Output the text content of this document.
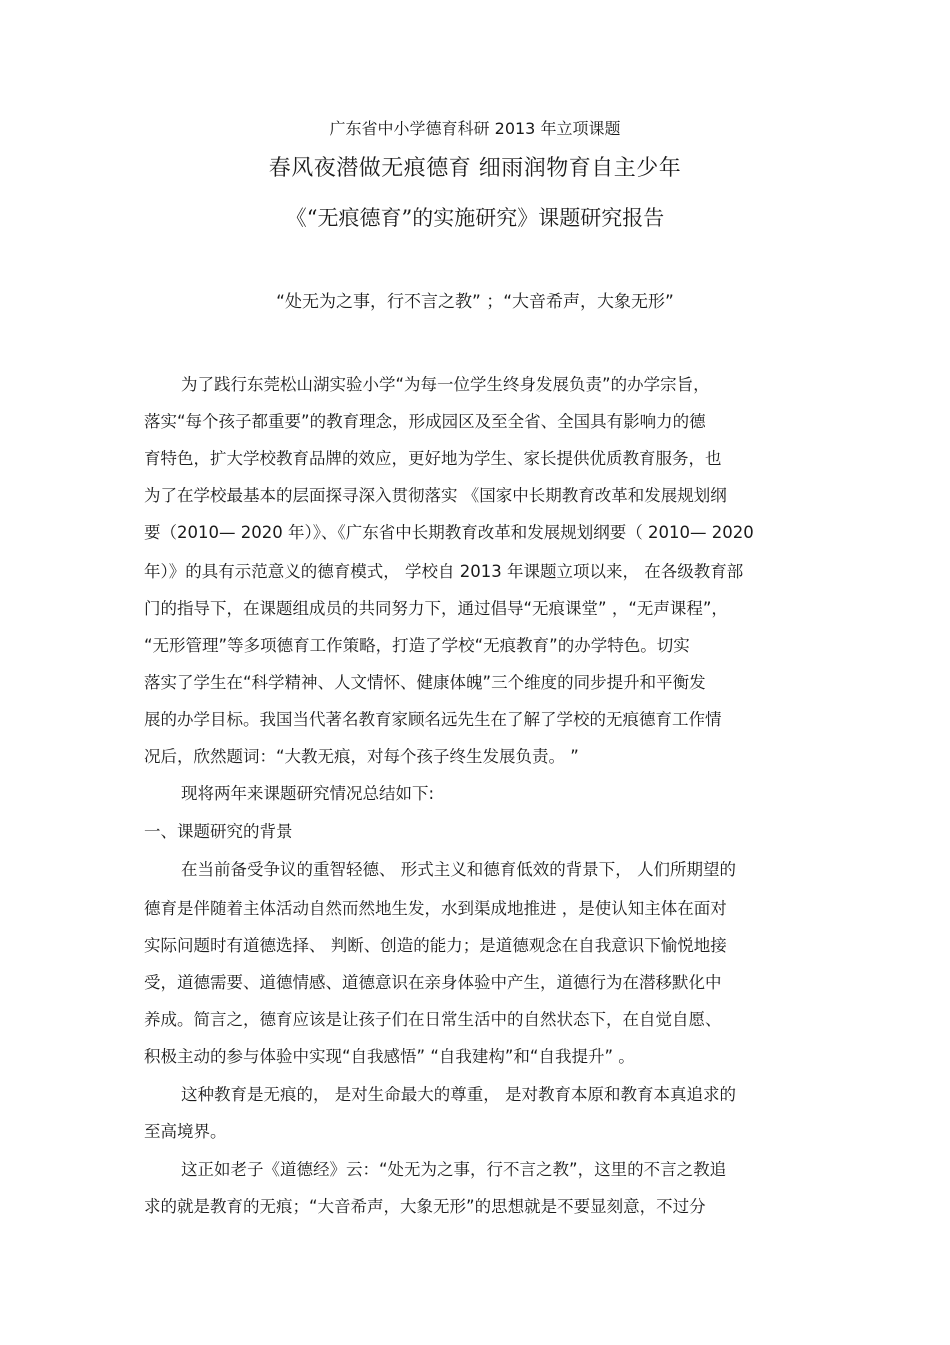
广东省中小学德育科研 2013 年立项课题
春风夜潜做无痕德育 细雨润物育自主少年
《“无痕德育”的实施研究》课题研究报告
“处无为之事，行不言之教” ；“大音希声，大象无形”
为了践行东莞松山湖实验小学“为每一位学生终身发展负责”的办学宗旨，
落实“每个孩子都重要”的教育理念，形成园区及至全省、全国具有影响力的德
育特色，扩大学校教育品牌的效应，更好地为学生、家长提供优质教育服务，也
为了在学校最基本的层面探寻深入贯彻落实 《国家中长期教育改革和发展规划纲
要（2010— 2020 年）》、《广东省中长期教育改革和发展规划纲要（ 2010— 2020
年）》的具有示范意义的德育模式， 学校自 2013 年课题立项以来， 在各级教育部
门的指导下，在课题组成员的共同努力下，通过倡导“无痕课堂” ，“无声课程”，
“无形管理”等多项德育工作策略，打造了学校“无痕教育”的办学特色。切实
落实了学生在“科学精神、人文情怀、健康体魄”三个维度的同步提升和平衡发
展的办学目标。我国当代著名教育家顾名远先生在了解了学校的无痕德育工作情
况后，欣然题词：“大教无痕，对每个孩子终生发展负责。 ”
现将两年来课题研究情况总结如下:
一、课题研究的背景
在当前备受争议的重智轻德、 形式主义和德育低效的背景下， 人们所期望的
德育是伴随着主体活动自然而然地生发，水到渠成地推进 ，是使认知主体在面对
实际问题时有道德选择、 判断、创造的能力；是道德观念在自我意识下愉悦地接
受，道德需要、道德情感、道德意识在亲身体验中产生，道德行为在潜移默化中
养成。简言之，德育应该是让孩子们在日常生活中的自然状态下，在自觉自愿、
积极主动的参与体验中实现“自我感悟” “自我建构”和“自我提升” 。
这种教育是无痕的， 是对生命最大的尊重， 是对教育本原和教育本真追求的
至高境界。
这正如老子《道德经》云：“处无为之事，行不言之教”，这里的不言之教追
求的就是教育的无痕；“大音希声，大象无形”的思想就是不要显刻意，不过分
